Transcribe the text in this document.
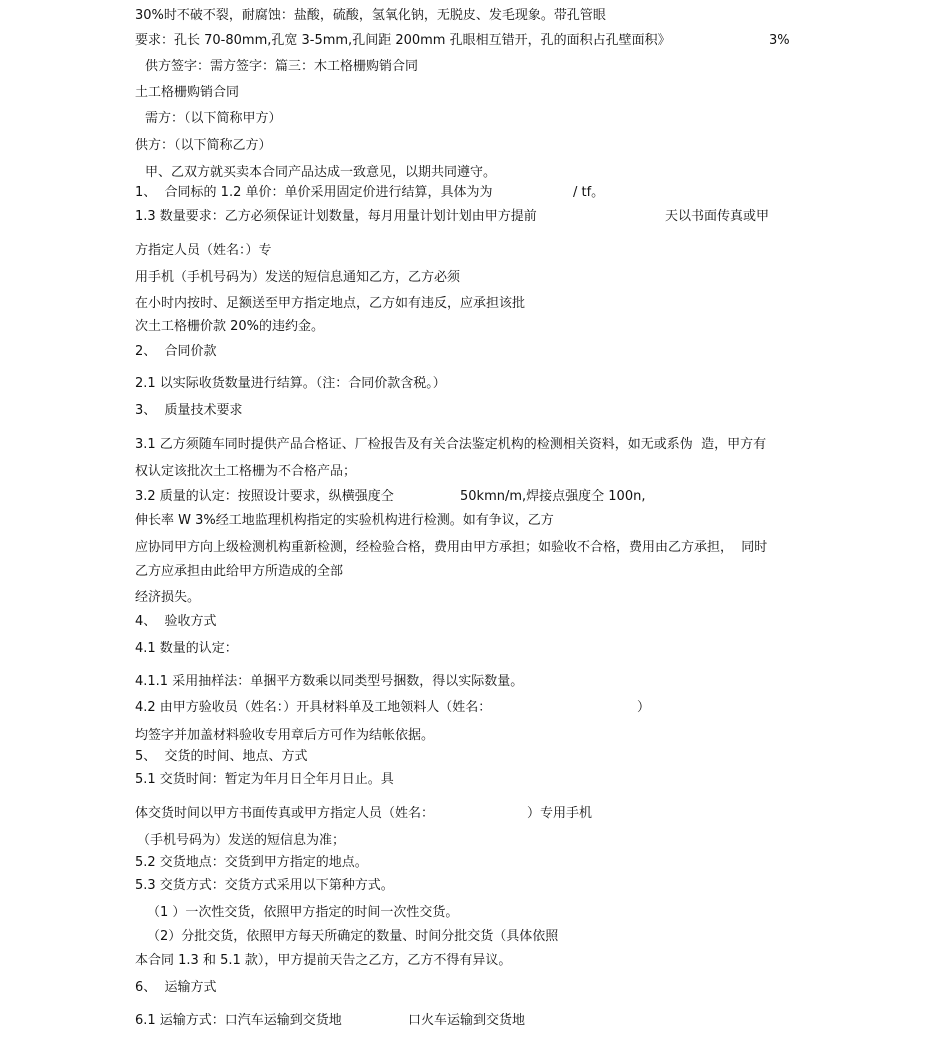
30%时不破不裂，耐腐蚀：盐酸，硫酸，氢氧化钠，无脱皮、发毛现象。带孔管眼
要求：孔长 70-80mm,孔宽 3-5mm,孔间距 200mm 孔眼相互错开，孔的面积占孔壁面积》	3%
供方签字：需方签字：篇三：木工格栅购销合同
土工格栅购销合同
需方：（以下简称甲方）
供方：（以下简称乙方）
甲、乙双方就买卖本合同产品达成一致意见，以期共同遵守。
1、  合同标的 1.2 单价：单价采用固定价进行结算，具体为为	/ tf。
1.3 数量要求：乙方必须保证计划数量，每月用量计划计划由甲方提前	天以书面传真或甲
方指定人员（姓名：）专
用手机（手机号码为）发送的短信息通知乙方，乙方必须
在小时内按时、足额送至甲方指定地点，乙方如有违反，应承担该批
次土工格栅价款 20%的违约金。
2、  合同价款
2.1 以实际收货数量进行结算。（注：合同价款含税。）
3、  质量技术要求
3.1 乙方须随车同时提供产品合格证、厂检报告及有关合法鉴定机构的检测相关资料，如无或系伪  造，甲方有
权认定该批次土工格栅为不合格产品；
3.2 质量的认定：按照设计要求，纵横强度仝	50kmn/m,焊接点强度仝 100n,
伸长率 W 3%经工地监理机构指定的实验机构进行检测。如有争议，乙方
应协同甲方向上级检测机构重新检测，经检验合格，费用由甲方承担；如验收不合格，费用由乙方承担，  同时
乙方应承担由此给甲方所造成的全部
经济损失。
4、  验收方式
4.1 数量的认定：
4.1.1 采用抽样法：单捆平方数乘以同类型号捆数，得以实际数量。
4.2 由甲方验收员（姓名：）开具材料单及工地领料人（姓名：	）
均签字并加盖材料验收专用章后方可作为结帐依据。
5、  交货的时间、地点、方式
5.1 交货时间：暂定为年月日仝年月日止。具
体交货时间以甲方书面传真或甲方指定人员（姓名：	）专用手机
（手机号码为）发送的短信息为准；
5.2 交货地点：交货到甲方指定的地点。
5.3 交货方式：交货方式采用以下第种方式。
（1 ）一次性交货，依照甲方指定的时间一次性交货。
（2）分批交货，依照甲方每天所确定的数量、时间分批交货（具体依照
本合同 1.3 和 5.1 款），甲方提前天告之乙方，乙方不得有异议。
6、  运输方式
6.1 运输方式：口汽车运输到交货地	口火车运输到交货地
